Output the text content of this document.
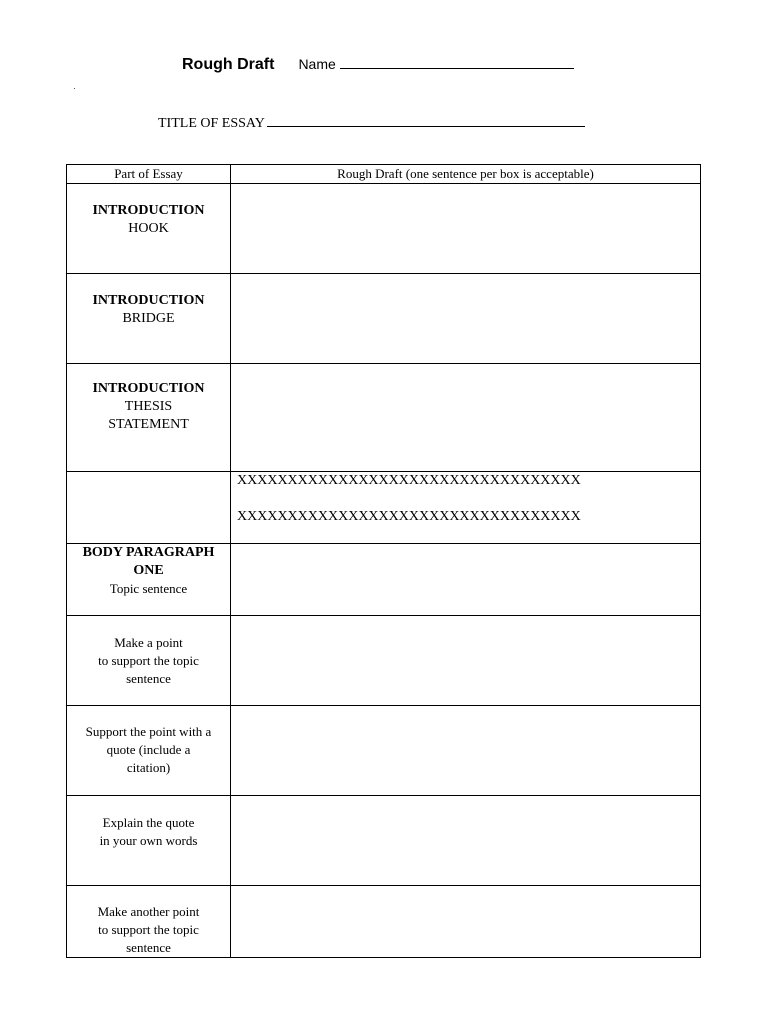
Rough Draft Name
TITLE OF ESSAY
Part of Essay	Rough Draft (one sentence per box is acceptable)

INTRODUCTION
HOOK	

INTRODUCTION
BRIDGE	

INTRODUCTION
THESIS
STATEMENT	

	XXXXXXXXXXXXXXXXXXXXXXXXXXXXXXXXXX
XXXXXXXXXXXXXXXXXXXXXXXXXXXXXXXXXX

BODY PARAGRAPH ONE
Topic sentence	

Make a point
to support the topic
sentence	

Support the point with a
quote (include a
citation)	

Explain the quote
in your own words	

Make another point
to support the topic
sentence	
